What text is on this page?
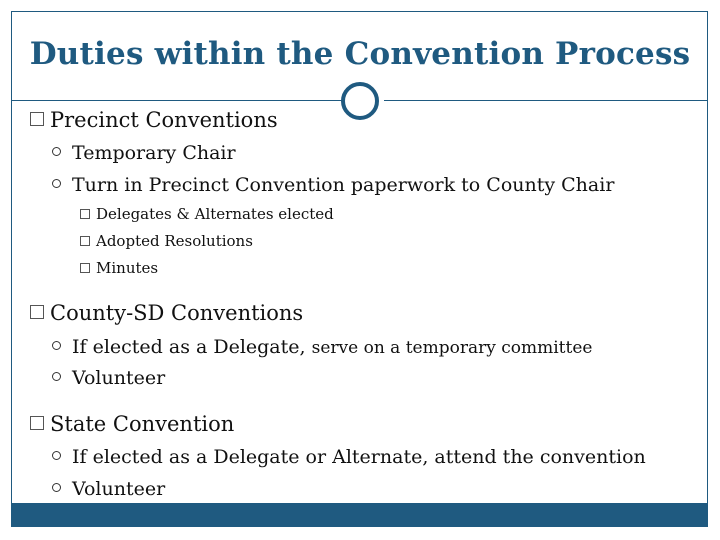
Duties within the Convention Process
Precinct Conventions
Temporary Chair
Turn in Precinct Convention paperwork to County Chair
Delegates & Alternates elected
Adopted Resolutions
Minutes
County-SD Conventions
If elected as a Delegate, serve on a temporary committee
Volunteer
State Convention
If elected as a Delegate or Alternate, attend the convention
Volunteer
